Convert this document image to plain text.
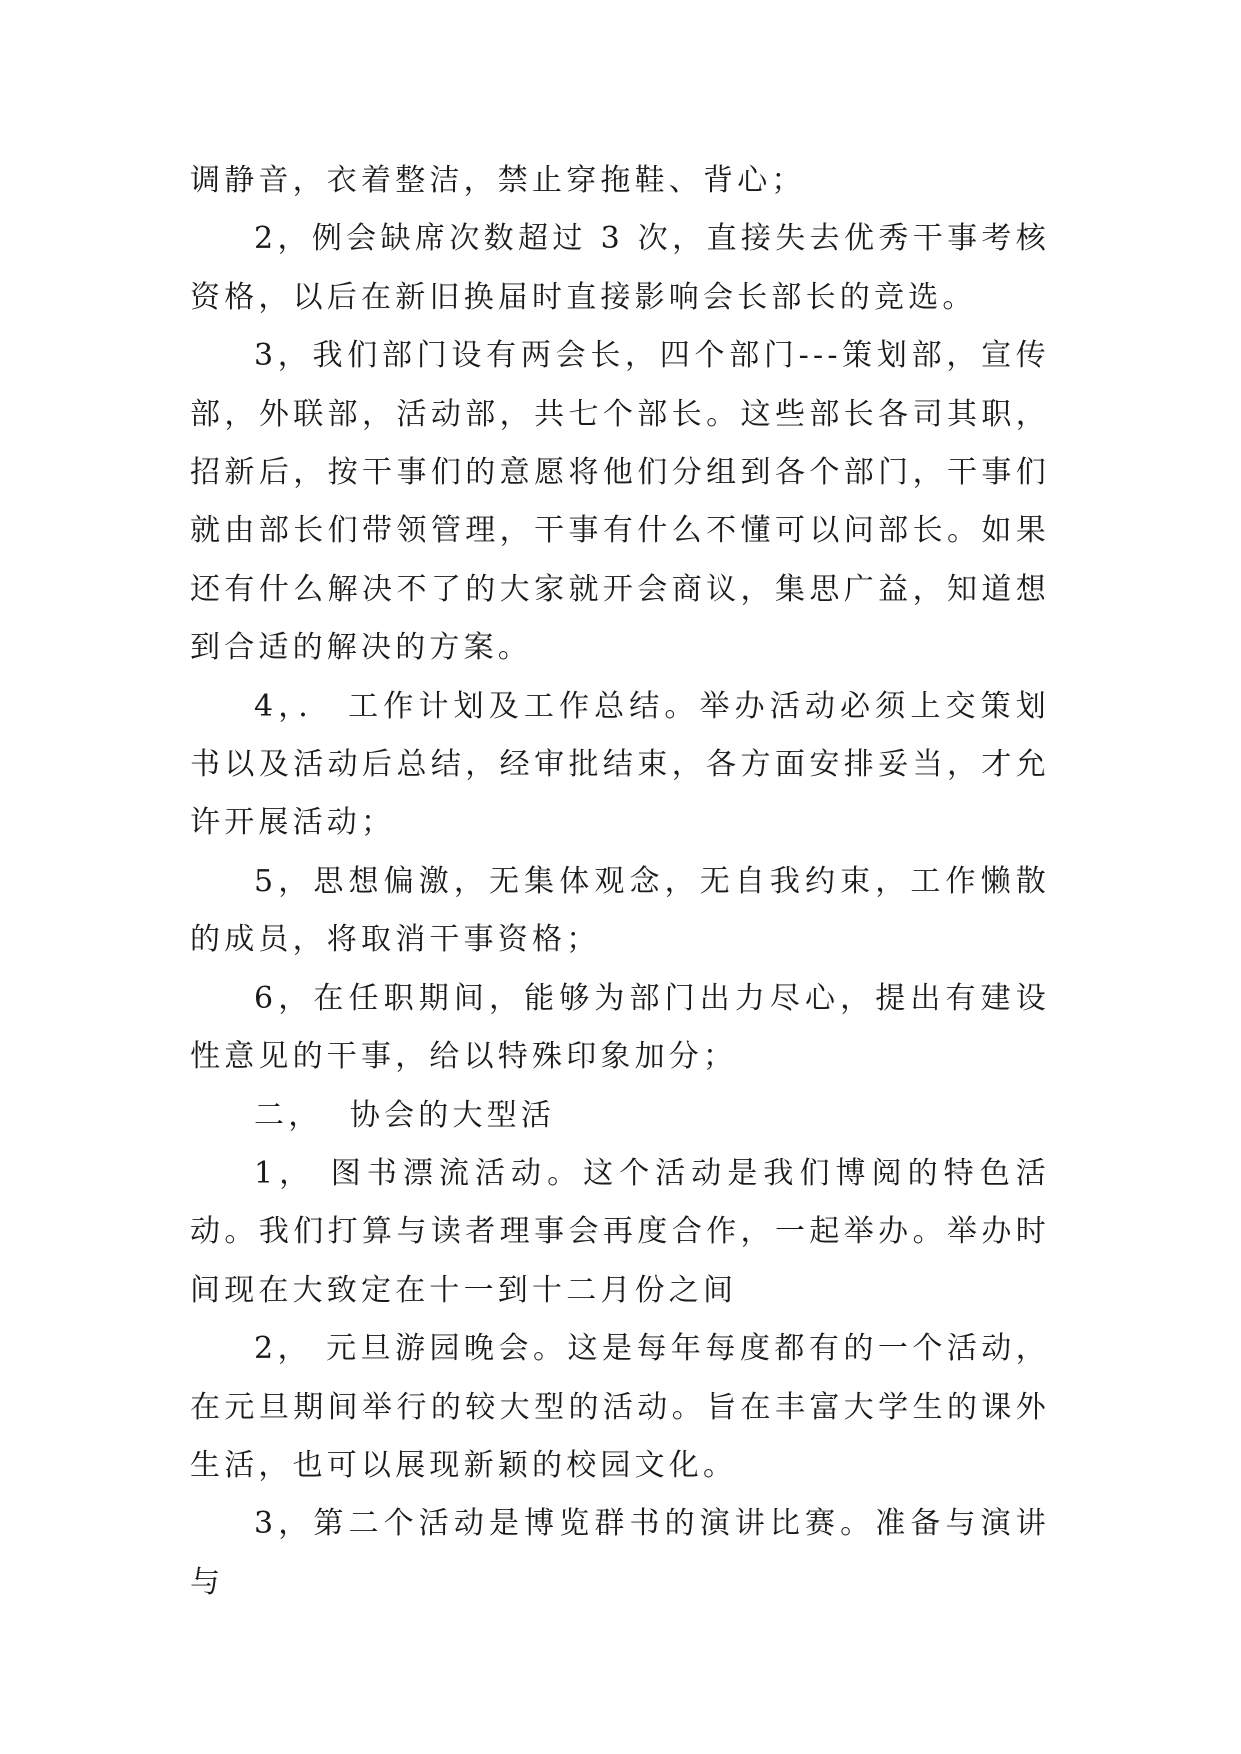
调静音，衣着整洁，禁止穿拖鞋、背心；

2，例会缺席次数超过 3 次，直接失去优秀干事考核资格，以后在新旧换届时直接影响会长部长的竞选。

3，我们部门设有两会长，四个部门---策划部，宣传部，外联部，活动部，共七个部长。这些部长各司其职，招新后，按干事们的意愿将他们分组到各个部门，干事们就由部长们带领管理，干事有什么不懂可以问部长。如果还有什么解决不了的大家就开会商议，集思广益，知道想到合适的解决的方案。

4，． 工作计划及工作总结。举办活动必须上交策划书以及活动后总结，经审批结束，各方面安排妥当，才允许开展活动；

5，思想偏激，无集体观念，无自我约束，工作懒散的成员，将取消干事资格；

6，在任职期间，能够为部门出力尽心，提出有建设性意见的干事，给以特殊印象加分；

二，  协会的大型活

1， 图书漂流活动。这个活动是我们博阅的特色活动。我们打算与读者理事会再度合作，一起举办。举办时间现在大致定在十一到十二月份之间

2， 元旦游园晚会。这是每年每度都有的一个活动，在元旦期间举行的较大型的活动。旨在丰富大学生的课外生活，也可以展现新颖的校园文化。

3，第二个活动是博览群书的演讲比赛。准备与演讲与
